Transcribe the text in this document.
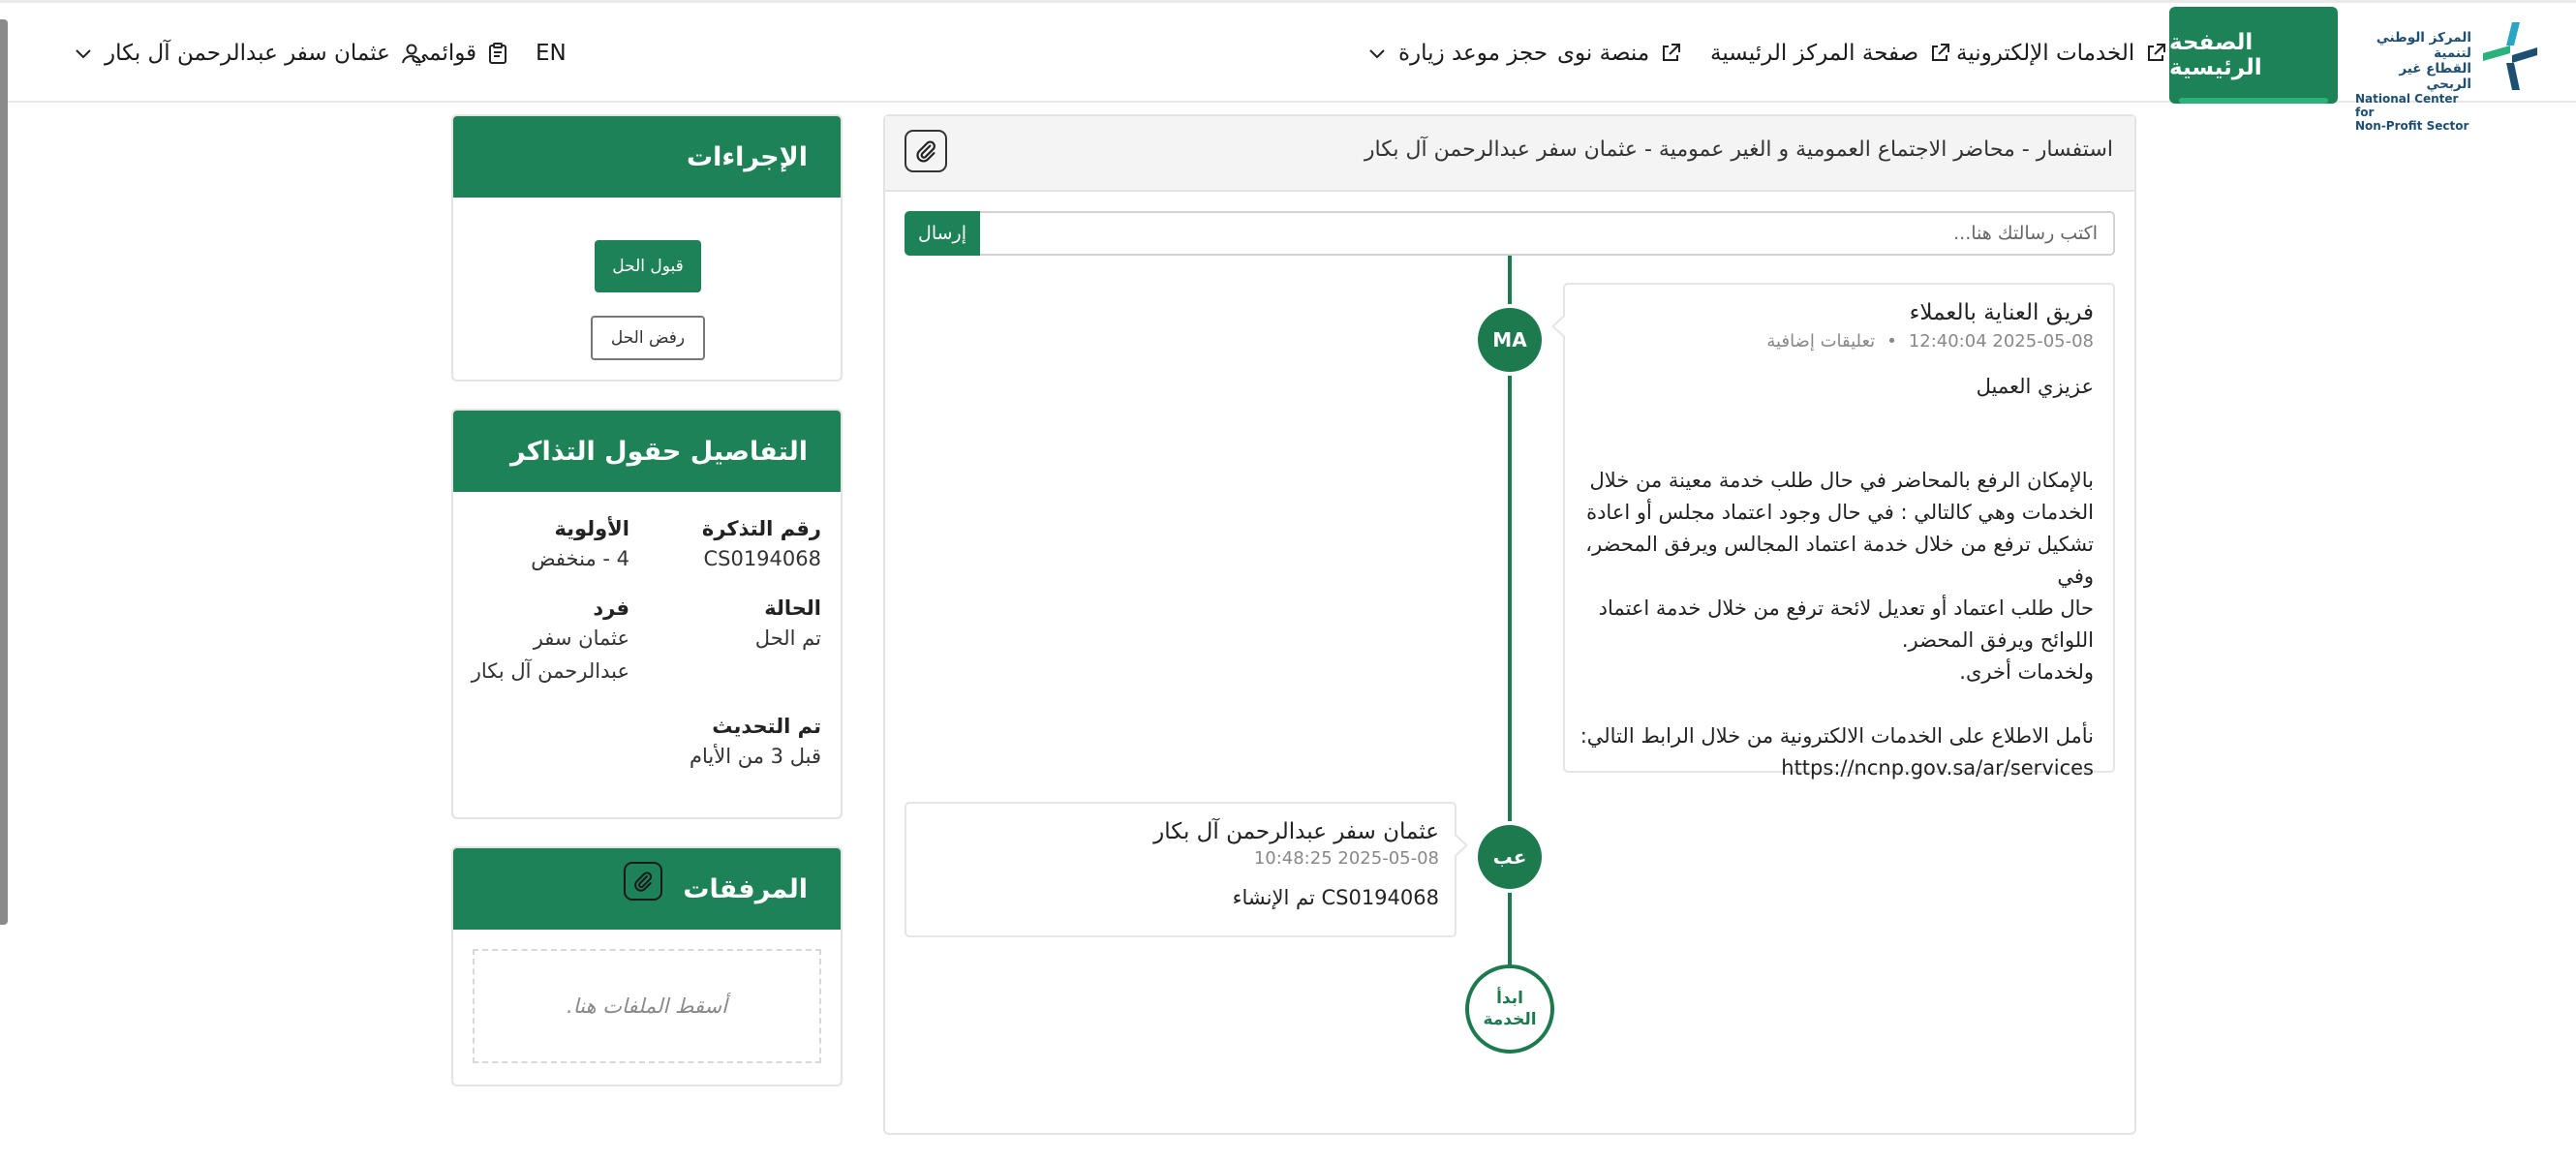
المركز الوطني لتنمية
القطاع غير الربحي
National Center for
Non-Profit Sector
الصفحة الرئيسية
الخدمات الإلكترونية
صفحة المركز الرئيسية
منصة نوى
حجز موعد زيارة
EN
قوائمي
عثمان سفر عبدالرحمن آل بكار
استفسار - محاضر الاجتماع العمومية و الغير عمومية - عثمان سفر عبدالرحمن آل بكار
اكتب رسالتك هنا...
إرسال
MA
فريق العناية بالعملاء
2025-05-08 12:40:04•تعليقات إضافية
عزيزي العميل
بالإمكان الرفع بالمحاضر في حال طلب خدمة معينة من خلال
الخدمات وهي كالتالي : في حال وجود اعتماد مجلس أو اعادة
تشكيل ترفع من خلال خدمة اعتماد المجالس ويرفق المحضر، وفي
حال طلب اعتماد أو تعديل لائحة ترفع من خلال خدمة اعتماد
اللوائح ويرفق المحضر.
ولخدمات أخرى.
نأمل الاطلاع على الخدمات الالكترونية من خلال الرابط التالي:
https://ncnp.gov.sa/ar/services
عب
عثمان سفر عبدالرحمن آل بكار
2025-05-08 10:48:25
CS0194068 تم الإنشاء
ابدأ
الخدمة
الإجراءات
قبول الحل
رفض الحل
التفاصيل حقول التذاكر
رقم التذكرة
CS0194068
الأولوية
4 - منخفض
الحالة
تم الحل
فرد
عثمان سفر
عبدالرحمن آل بكار
تم التحديث
قبل 3 من الأيام
المرفقات
أسقط الملفات هنا.
